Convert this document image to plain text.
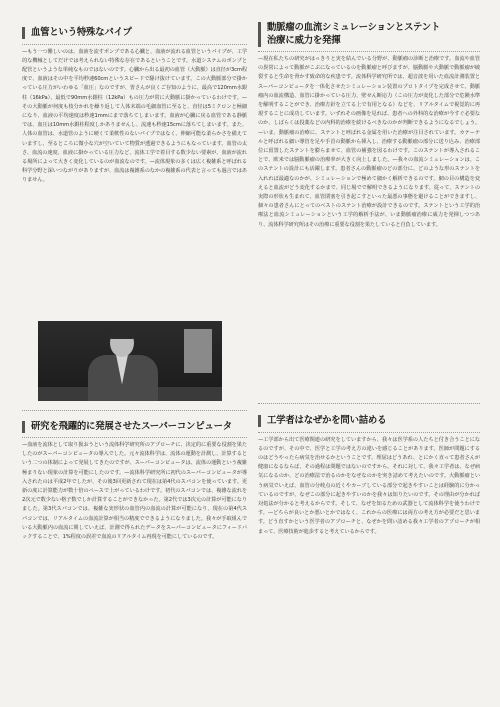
血管という特殊なパイプ

—もう一つ難しいのは、血液を流すポンプである心臓と、血液が流れる血管というパイプが、工学的な機械としてだけでは考えられない特殊な存在であるということです。水道システムのポンプと配管というような単純なものではないのです。心臓から出る最初の血管（大動脈）は直径が3cm程度で、血液はその中を平均秒速60cmというスピードで駆け抜けています。この大動脈部分で掛かっている圧力がいわゆる「血圧」なのですが、皆さんが良くご存知のように、最高で120mm水銀柱（16kPa）、最低で90mm水銀柱（12kPa）もの圧力が常に大動脈に掛かっているわけです。—その大動脈が何度も枝分かれを繰り返して人体末端の毛細血管に至ると、直径は5ミクロンと極細になり、血液の平均速度は秒速1mmにまで落ちてしまいます。血液が心臓に戻る血管である静脈では、血圧は10mm水銀柱程度しかありませんし、流速も秒速15cmに落ちてしまいます。また、人体の血管は、水道管のように硬くて柔軟性のないパイプではなく、伸縮可能な柔らかさを備えていますし、至るところに微小な穴が空いていて物質が透過できるようにもなっています。血管の太さ、血流の速度、血液に掛かっている圧力など、流体工学で着目する数少ない要素が、血液が流れる場所によって大きく変化しているのが血流なのです。—流体現象の多くは広く複雑系と呼ばれる科学分野と深いつながりがありますが、血流は複雑系のなかの複雑系の代表と言っても過言ではありません。

研究を飛躍的に発展させたスーパーコンピュータ

—血液を流体として取り扱おうという流体科学研究所のアプローチに、決定的に重要な役割を果たしたのがスーパーコンピュータの導入でした。元々流体科学は、流体の運動を計測し、計算するという二つの体制によって発展してきたのですが、スーパーコンピュータは、流体の運動という複雑極まりない現象の計算を可能にしたのです。—流体科学研究所に初代のスーパーコンピュータが導入されたのは平成2年でしたが、その後3回更新されて現在は第4代のスパコンを使っています。更新の度に計算能力が数十倍のペースで上がっているわけです。初代のスパコンでは、複雑な流れを2次元で数少ない格子数でしか計算することができなかった。第2代では3次元の計算が可能になりました。第3代スパコンでは、複雑な実形状の血管内の血流の計算が可能になり、現在の第4代スパコンでは、リアルタイムの血流計算が相当の精度でできるようになりました。我々が手取組んでいる大動脈内の血流に関していえば、計測で得られたデータをスーパーコンピュータにフィードバックすることで、1%程度の誤差で血流のリアルタイム再現を可能にしているのです。

動脈瘤の血流シミュレーションとステント治療に威力を発揮

—現在私たちの研究がはっきりと実を結んでいる分野が、動脈瘤の診断と治療です。血流や血管の異常によって動脈がこぶになっているのを動脈瘤と呼びますが、脳動脈や大動脈で動脈瘤が破裂すると生命を脅かす致命的な疾患です。流体科学研究所では、超音波を用いた血流計測装置とスーパーコンピュータを一体化させたシミュレーション装置のプロトタイプを完成させて、動脈瘤内の血流構造、血管に掛かっている圧力、壁せん断応力（この圧力が変化した部分で危険水準を解明することができ、治療方針を立てる上で有用となる）などを、リアルタイムで視覚的に再現することに成功しています。いずれその画像を見れば、患者への外科的な治療が今すぐ必要なのか、しばらくは投薬などの内科的治療を続けるべきなのかが判断できるようになるでしょう。—いま、動脈瘤の治療に、ステントと呼ばれる金属を用いた治療が注目されています。カテーテルと呼ばれる細い導管を足や手首の動脈から挿入し、治療する動脈瘤の部分に送り込み、治療部位に留置したステントを膨らませて、血管の補強を図るわけです。このステントが導入されることで、欧米では脳動脈瘤の治療率が大きく向上しました。—我々の血流シミュレーションは、このステントの設計にも活躍します。患者さんの動脈瘤のどの部分に、どのような形のステントを入れれば最適なのかが、シミュレーションで極めて細かく解析できるのです。網の目の構造を変えると血流がどう変化するかまで、同じ場でで解明できるようになります。従って、ステントの実際の形状も生まれて、血管閉塞を引き起こすといった最悪の事態を避けることができますし、個々の患者さんにとってのベストのステント治療が設計できるのです。ステントという工学的治療法と血流シミュレーションという工学的解析手法が、いま動脈瘤治療に威力を発揮しつつあり、流体科学研究所はその治療に重要な役割を果たしていると自負しています。

工学者はなぜかを問い詰める

—工学部から出て医療関連の研究をしていますから、我々は医学系の人たちと付き合うことになるのですが、その中で、医学と工学の考え方の違いを感じることがあります。医師が問題にするのはどうやったら病気を治せるかということです。理屈はどうあれ、とにかく直って患者さんが健康になるならば、その過程は問題ではないのですから。それに対して、我々工学者は、なぜ病気になるのか、どの治療法で治るのかをなぜなのかを突き詰めて考えたいのです。大動脈瘤という病気でいえば、血管の分岐点の近くやカーブしている部分で起きやすいことは経験的に分かっているのですが、なぜこの部分に起きやすいのかを我々は知りたいのです。その理由が分かれば対処法が分かると考えるからです。そして、なぜを知るための武器として流体科学を使うわけです。—どちらが良いとか悪いとかではなく、これからの医療には両方の考え方が必要だと思います。どう直すかという医学者のアプローチと、なぜかを問い詰める我々工学者のアプローチが相まって、医療技術が進歩すると考えているからです。
